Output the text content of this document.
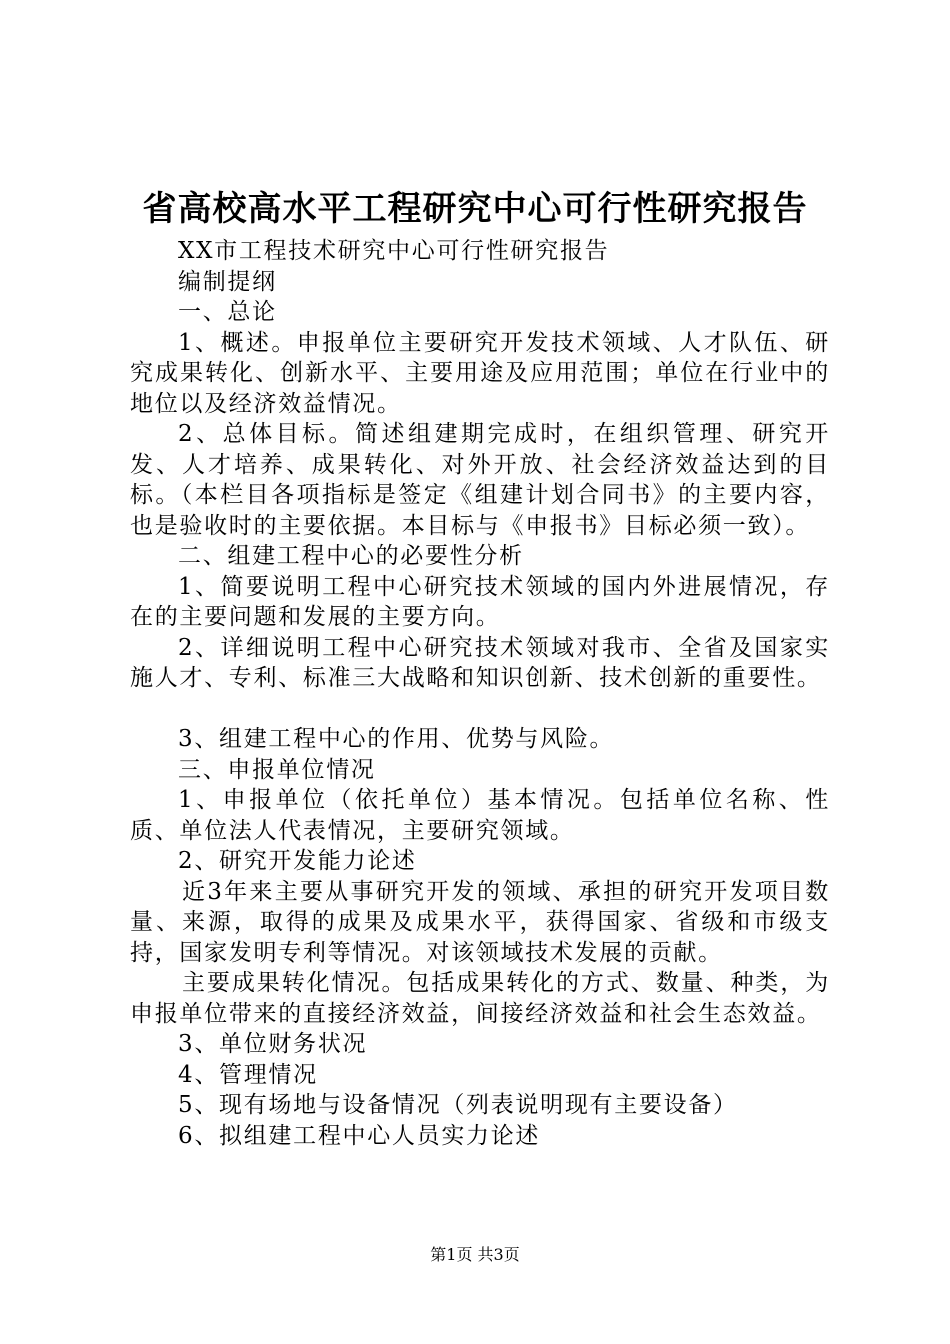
省高校高水平工程研究中心可行性研究报告

XX市工程技术研究中心可行性研究报告

编制提纲

一、总论

1、概述。申报单位主要研究开发技术领域、人才队伍、研究成果转化、创新水平、主要用途及应用范围；单位在行业中的地位以及经济效益情况。

2、总体目标。简述组建期完成时，在组织管理、研究开发、人才培养、成果转化、对外开放、社会经济效益达到的目标。（本栏目各项指标是签定《组建计划合同书》的主要内容，也是验收时的主要依据。本目标与《申报书》目标必须一致）。

二、组建工程中心的必要性分析

1、简要说明工程中心研究技术领域的国内外进展情况，存在的主要问题和发展的主要方向。

2、详细说明工程中心研究技术领域对我市、全省及国家实施人才、专利、标准三大战略和知识创新、技术创新的重要性。

3、组建工程中心的作用、优势与风险。

三、申报单位情况

1、申报单位（依托单位）基本情况。包括单位名称、性质、单位法人代表情况，主要研究领域。

2、研究开发能力论述

近3年来主要从事研究开发的领域、承担的研究开发项目数量、来源，取得的成果及成果水平，获得国家、省级和市级支持，国家发明专利等情况。对该领域技术发展的贡献。

主要成果转化情况。包括成果转化的方式、数量、种类，为申报单位带来的直接经济效益，间接经济效益和社会生态效益。

3、单位财务状况

4、管理情况

5、现有场地与设备情况（列表说明现有主要设备）

6、拟组建工程中心人员实力论述

第1页 共3页
